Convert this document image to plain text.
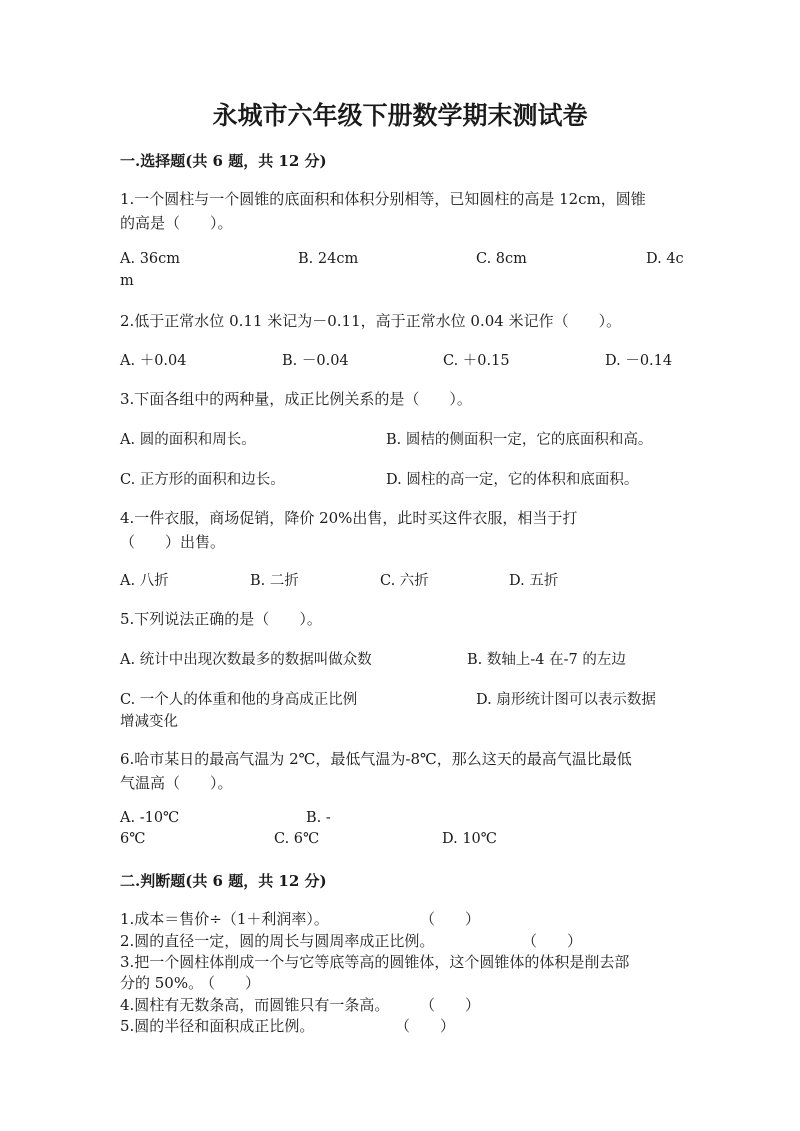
永城市六年级下册数学期末测试卷
一.选择题(共 6 题，共 12 分)
1.一个圆柱与一个圆锥的底面积和体积分别相等，已知圆柱的高是 12cm，圆锥
的高是（　　）。
A. 36cm	B. 24cm	C. 8cm	D. 4c
m
2.低于正常水位 0.11 米记为－0.11，高于正常水位 0.04 米记作（　　）。
A. ＋0.04	B. －0.04	C. ＋0.15	D. －0.14
3.下面各组中的两种量，成正比例关系的是（　　）。
A. 圆的面积和周长。	B. 圆桔的侧面积一定，它的底面积和高。
C. 正方形的面积和边长。	D. 圆柱的高一定，它的体积和底面积。
4.一件衣服，商场促销，降价 20%出售，此时买这件衣服，相当于打
（　　）出售。
A. 八折	B. 二折	C. 六折	D. 五折
5.下列说法正确的是（　　）。
A. 统计中出现次数最多的数据叫做众数	B. 数轴上-4 在-7 的左边
C. 一个人的体重和他的身高成正比例	D. 扇形统计图可以表示数据
增减变化
6.哈市某日的最高气温为 2℃，最低气温为-8℃，那么这天的最高气温比最低
气温高（　　）。
A. -10℃	B. -
6℃	C. 6℃	D. 10℃
二.判断题(共 6 题，共 12 分)
1.成本＝售价÷（1＋利润率）。	（　　）
2.圆的直径一定，圆的周长与圆周率成正比例。	（　　）
3.把一个圆柱体削成一个与它等底等高的圆锥体，这个圆锥体的体积是削去部
分的 50%。
（　　）
4.圆柱有无数条高，而圆锥只有一条高。 （　　）
5.圆的半径和面积成正比例。	（　　）
